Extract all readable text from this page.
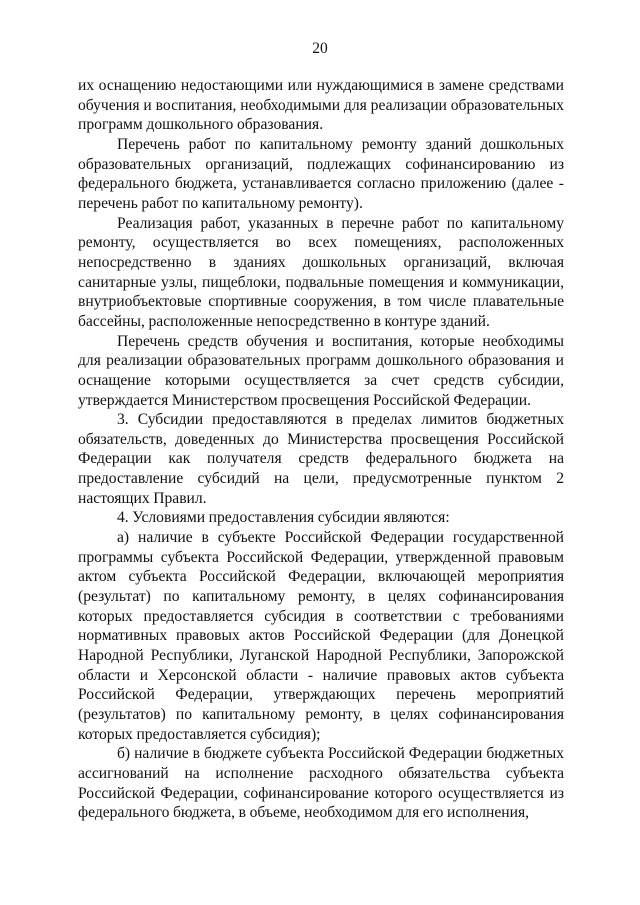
20

их оснащению недостающими или нуждающимися в замене средствами обучения и воспитания, необходимыми для реализации образовательных программ дошкольного образования.

Перечень работ по капитальному ремонту зданий дошкольных образовательных организаций, подлежащих софинансированию из федерального бюджета, устанавливается согласно приложению (далее - перечень работ по капитальному ремонту).

Реализация работ, указанных в перечне работ по капитальному ремонту, осуществляется во всех помещениях, расположенных непосредственно в зданиях дошкольных организаций, включая санитарные узлы, пищеблоки, подвальные помещения и коммуникации, внутриобъектовые спортивные сооружения, в том числе плавательные бассейны, расположенные непосредственно в контуре зданий.

Перечень средств обучения и воспитания, которые необходимы для реализации образовательных программ дошкольного образования и оснащение которыми осуществляется за счет средств субсидии, утверждается Министерством просвещения Российской Федерации.

3. Субсидии предоставляются в пределах лимитов бюджетных обязательств, доведенных до Министерства просвещения Российской Федерации как получателя средств федерального бюджета на предоставление субсидий на цели, предусмотренные пунктом 2 настоящих Правил.

4. Условиями предоставления субсидии являются:

а) наличие в субъекте Российской Федерации государственной программы субъекта Российской Федерации, утвержденной правовым актом субъекта Российской Федерации, включающей мероприятия (результат) по капитальному ремонту, в целях софинансирования которых предоставляется субсидия в соответствии с требованиями нормативных правовых актов Российской Федерации (для Донецкой Народной Республики, Луганской Народной Республики, Запорожской области и Херсонской области - наличие правовых актов субъекта Российской Федерации, утверждающих перечень мероприятий (результатов) по капитальному ремонту, в целях софинансирования которых предоставляется субсидия);

б) наличие в бюджете субъекта Российской Федерации бюджетных ассигнований на исполнение расходного обязательства субъекта Российской Федерации, софинансирование которого осуществляется из федерального бюджета, в объеме, необходимом для его исполнения,
